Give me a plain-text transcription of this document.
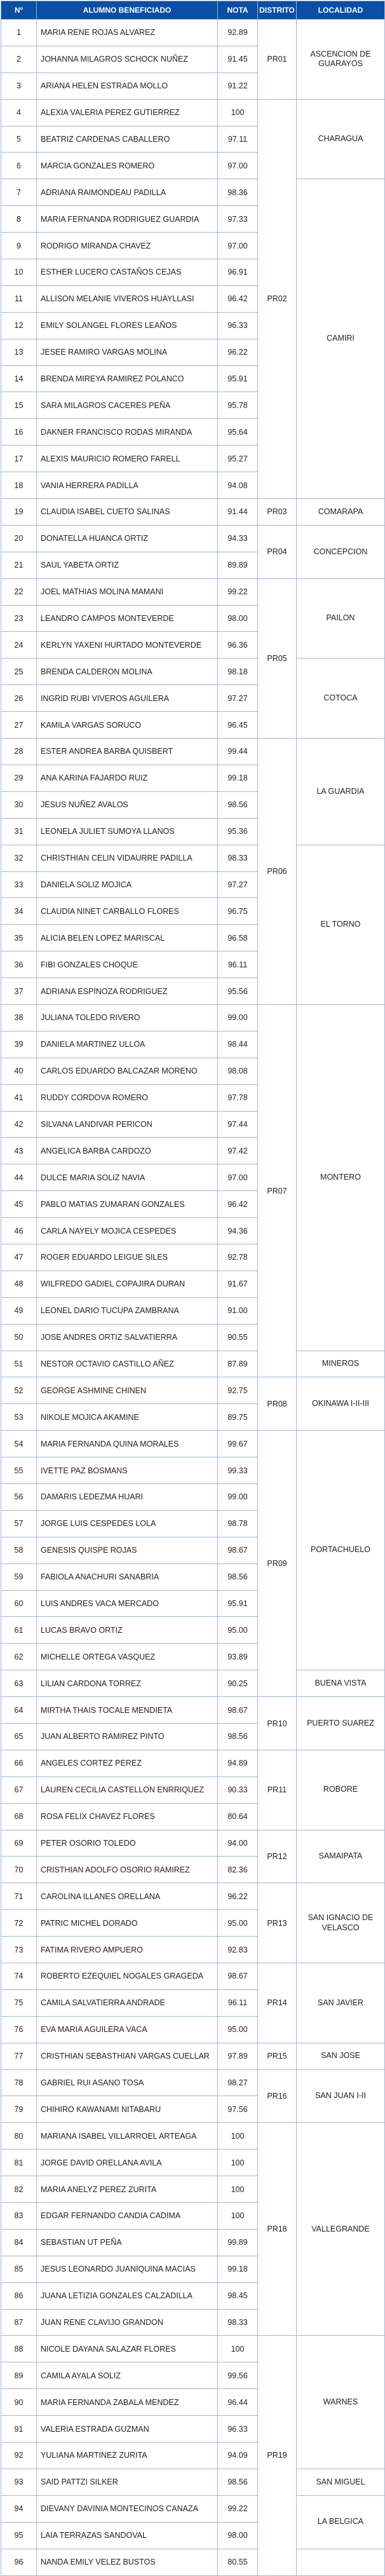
Nº	ALUMNO BENEFICIADO	NOTA	DISTRITO	LOCALIDAD
1	MARIA RENE ROJAS ALVAREZ	92.89	PR01	ASCENCION DE GUARAYOS
2	JOHANNA MILAGROS SCHOCK NUÑEZ	91.45		
3	ARIANA HELEN ESTRADA MOLLO	91.22		
4	ALEXIA VALERIA PEREZ GUTIERREZ	100	PR02	CHARAGUA
5	BEATRIZ CARDENAS CABALLERO	97.11		
6	MARCIA GONZALES ROMERO	97.00		
7	ADRIANA RAIMONDEAU PADILLA	98.36		CAMIRI
8	MARIA FERNANDA RODRIGUEZ GUARDIA	97.33		
9	RODRIGO MIRANDA CHAVEZ	97.00		
10	ESTHER LUCERO CASTAÑOS CEJAS	96.91		
11	ALLISON MELANIE VIVEROS HUAYLLASI	96.42		
12	EMILY SOLANGEL FLORES LEAÑOS	96.33		
13	JESEE RAMIRO VARGAS MOLINA	96.22		
14	BRENDA MIREYA RAMIREZ POLANCO	95.91		
15	SARA MILAGROS CACERES PEÑA	95.78		
16	DAKNER FRANCISCO RODAS MIRANDA	95.64		
17	ALEXIS MAURICIO ROMERO FARELL	95.27		
18	VANIA HERRERA PADILLA	94.08		
19	CLAUDIA ISABEL CUETO SALINAS	91.44	PR03	COMARAPA
20	DONATELLA HUANCA ORTIZ	94.33	PR04	CONCEPCION
21	SAUL YABETA ORTIZ	89.89		
22	JOEL MATHIAS MOLINA MAMANI	99.22	PR05	PAILON
23	LEANDRO CAMPOS MONTEVERDE	98.00		
24	KERLYN YAXENI HURTADO MONTEVERDE	96.36		
25	BRENDA CALDERON MOLINA	98.18		COTOCA
26	INGRID RUBI VIVEROS AGUILERA	97.27		
27	KAMILA VARGAS SORUCO	96.45		
28	ESTER ANDREA BARBA QUISBERT	99.44	PR06	LA GUARDIA
29	ANA KARINA FAJARDO RUIZ	99.18		
30	JESUS NUÑEZ AVALOS	98.56		
31	LEONELA JULIET SUMOYA LLANOS	95.36		
32	CHRISTHIAN CELIN VIDAURRE PADILLA	98.33		EL TORNO
33	DANIELA SOLIZ MOJICA	97.27		
34	CLAUDIA NINET CARBALLO FLORES	96.75		
35	ALICIA BELEN LOPEZ MARISCAL	96.58		
36	FIBI GONZALES CHOQUE	96.11		
37	ADRIANA ESPINOZA RODRIGUEZ	95.56		
38	JULIANA TOLEDO RIVERO	99.00	PR07	MONTERO
39	DANIELA MARTINEZ ULLOA	98.44		
40	CARLOS EDUARDO BALCAZAR MORENO	98.08		
41	RUDDY CORDOVA ROMERO	97.78		
42	SILVANA LANDIVAR PERICON	97.44		
43	ANGELICA BARBA CARDOZO	97.42		
44	DULCE MARIA SOLIZ NAVIA	97.00		
45	PABLO MATIAS ZUMARAN GONZALES	96.42		
46	CARLA NAYELY MOJICA CESPEDES	94.36		
47	ROGER EDUARDO LEIGUE SILES	92.78		
48	WILFREDO GADIEL COPAJIRA DURAN	91.67		
49	LEONEL DARIO TUCUPA ZAMBRANA	91.00		
50	JOSE ANDRES ORTIZ SALVATIERRA	90.55		
51	NESTOR OCTAVIO CASTILLO AÑEZ	87.89		MINEROS
52	GEORGE ASHMINE CHINEN	92.75	PR08	OKINAWA I-II-III
53	NIKOLE MOJICA AKAMINE	89.75		
54	MARIA FERNANDA QUINA MORALES	99.67	PR09	PORTACHUELO
55	IVETTE PAZ BOSMANS	99.33		
56	DAMARIS LEDEZMA HUARI	99.00		
57	JORGE LUIS CESPEDES LOLA	98.78		
58	GENESIS QUISPE ROJAS	98.67		
59	FABIOLA ANACHURI SANABRIA	98.56		
60	LUIS ANDRES VACA MERCADO	95.91		
61	LUCAS BRAVO ORTIZ	95.00		
62	MICHELLE ORTEGA VASQUEZ	93.89		
63	LILIAN CARDONA TORREZ	90.25		BUENA VISTA
64	MIRTHA THAIS TOCALE MENDIETA	98.67	PR10	PUERTO SUAREZ
65	JUAN ALBERTO RAMIREZ PINTO	98.56		
66	ANGELES CORTEZ PEREZ	94.89	PR11	ROBORE
67	LAUREN CECILIA CASTELLON ENRRIQUEZ	90.33		
68	ROSA FELIX CHAVEZ FLORES	80.64		
69	PETER OSORIO TOLEDO	94.00	PR12	SAMAIPATA
70	CRISTHIAN ADOLFO OSORIO RAMIREZ	82.36		
71	CAROLINA ILLANES ORELLANA	96.22	PR13	SAN IGNACIO DE VELASCO
72	PATRIC MICHEL DORADO	95.00		
73	FATIMA RIVERO AMPUERO	92.83		
74	ROBERTO EZEQUIEL NOGALES GRAGEDA	98.67	PR14	SAN JAVIER
75	CAMILA SALVATIERRA ANDRADE	96.11		
76	EVA MARIA AGUILERA VACA	95.00		
77	CRISTHIAN SEBASTHIAN VARGAS CUELLAR	97.89	PR15	SAN JOSE
78	GABRIEL RUI ASANO TOSA	98.27	PR16	SAN JUAN I-II
79	CHIHIRO KAWANAMI NITABARU	97.56		
80	MARIANA ISABEL VILLARROEL ARTEAGA	100	PR18	VALLEGRANDE
81	JORGE DAVID ORELLANA AVILA	100		
82	MARIA ANELYZ PEREZ ZURITA	100		
83	EDGAR FERNANDO CANDIA CADIMA	100		
84	SEBASTIAN UT PEÑA	99.89		
85	JESUS LEONARDO JUANIQUINA MACIAS	99.18		
86	JUANA LETIZIA GONZALES CALZADILLA	98.45		
87	JUAN RENE CLAVIJO GRANDON	98.33		
88	NICOLE DAYANA SALAZAR FLORES	100	PR19	WARNES
89	CAMILA AYALA SOLIZ	99.56		
90	MARIA FERNANDA ZABALA MENDEZ	96.44		
91	VALERIA ESTRADA GUZMAN	96.33		
92	YULIANA MARTINEZ ZURITA	94.09		
93	SAID PATTZI SILKER	98.56		SAN MIGUEL
94	DIEVANY DAVINIA MONTECINOS CANAZA	99.22		LA BELGICA
95	LAIA TERRAZAS SANDOVAL	98.00		
96	NANDA EMILY VELEZ BUSTOS	80.55		
